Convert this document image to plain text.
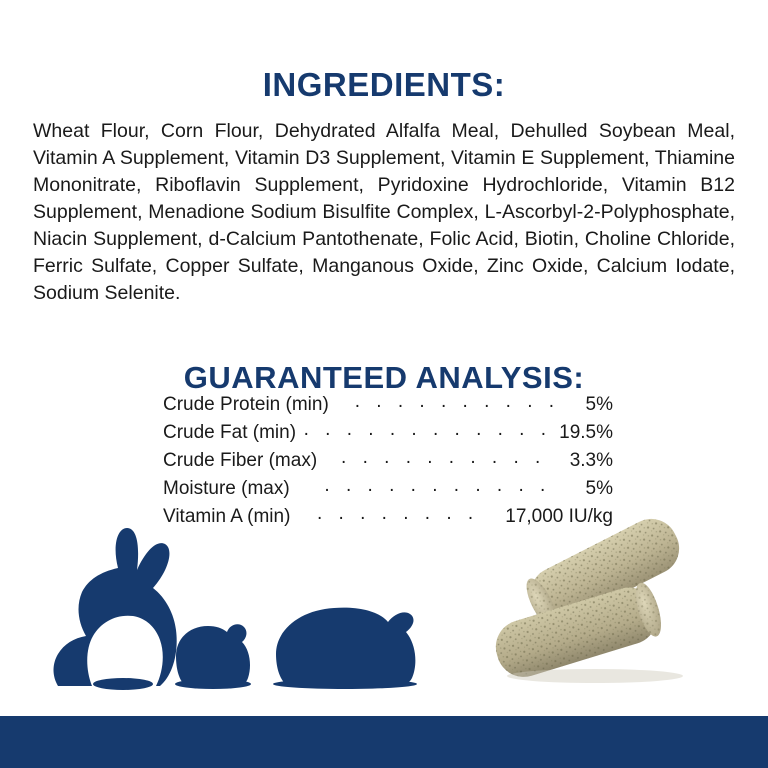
INGREDIENTS:

Wheat Flour, Corn Flour, Dehydrated Alfalfa Meal, Dehulled Soybean Meal, Vitamin A Supplement, Vitamin D3 Supplement, Vitamin E Supplement, Thiamine Mononitrate, Riboflavin Supplement, Pyridoxine Hydrochloride, Vitamin B12 Supplement, Menadione Sodium Bisulfite Complex, L-Ascorbyl-2-Polyphosphate, Niacin Supplement, d-Calcium Pantothenate, Folic Acid, Biotin, Choline Chloride, Ferric Sulfate, Copper Sulfate, Manganous Oxide, Zinc Oxide, Calcium Iodate, Sodium Selenite.

GUARANTEED ANALYSIS:
Crude Protein (min)	. . . . . . . . . .	5%
Crude Fat (min) . . . . . . . . . . . . 19.5%
Crude Fiber (max)	. . . . . . . . . .	3.3%
Moisture (max)	. . . . . . . . . . .	5%
Vitamin A (min)	. . . . . . . .	17,000 IU/kg
